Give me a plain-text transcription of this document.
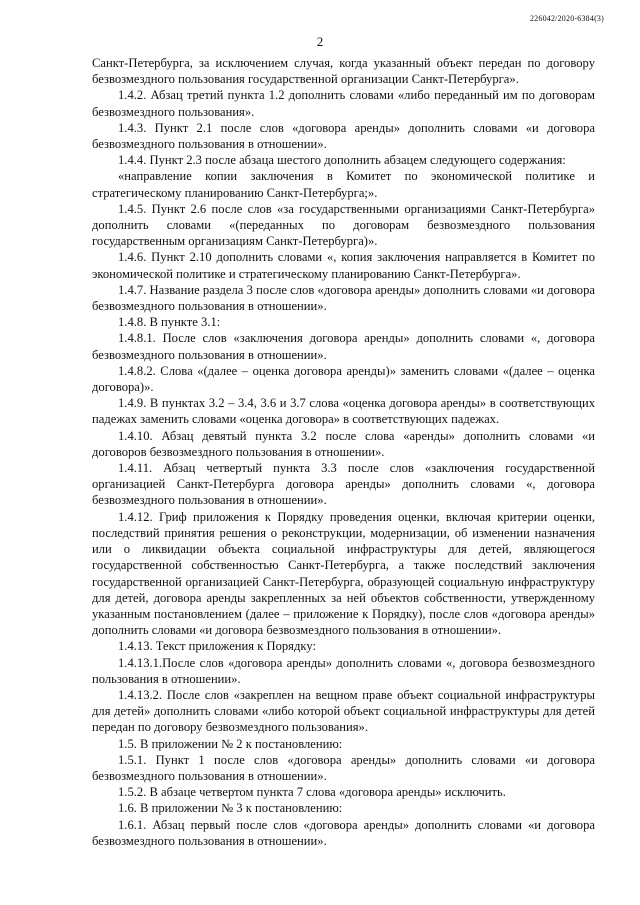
226042/2020-6384(3)
2

Санкт-Петербурга, за исключением случая, когда указанный объект передан по договору безвозмездного пользования государственной организации Санкт-Петербурга».

1.4.2. Абзац третий пункта 1.2 дополнить словами «либо переданный им по договорам безвозмездного пользования».

1.4.3. Пункт 2.1 после слов «договора аренды» дополнить словами «и договора безвозмездного пользования в отношении».

1.4.4. Пункт 2.3 после абзаца шестого дополнить абзацем следующего содержания:

«направление копии заключения в Комитет по экономической политике и стратегическому планированию Санкт-Петербурга;».

1.4.5. Пункт 2.6 после слов «за государственными организациями Санкт-Петербурга» дополнить словами «(переданных по договорам безвозмездного пользования государственным организациям Санкт-Петербурга)».

1.4.6. Пункт 2.10 дополнить словами «, копия заключения направляется в Комитет по экономической политике и стратегическому планированию Санкт-Петербурга».

1.4.7. Название раздела 3 после слов «договора аренды» дополнить словами «и договора безвозмездного пользования в отношении».

1.4.8. В пункте 3.1:

1.4.8.1. После слов «заключения договора аренды» дополнить словами «, договора безвозмездного пользования в отношении».

1.4.8.2. Слова «(далее – оценка договора аренды)» заменить словами «(далее – оценка договора)».

1.4.9. В пунктах 3.2 – 3.4, 3.6 и 3.7 слова «оценка договора аренды» в соответствующих падежах заменить словами «оценка договора» в соответствующих падежах.

1.4.10. Абзац девятый пункта 3.2 после слова «аренды» дополнить словами «и договоров безвозмездного пользования в отношении».

1.4.11. Абзац четвертый пункта 3.3 после слов «заключения государственной организацией Санкт-Петербурга договора аренды» дополнить словами «, договора безвозмездного пользования в отношении».

1.4.12. Гриф приложения к Порядку проведения оценки, включая критерии оценки, последствий принятия решения о реконструкции, модернизации, об изменении назначения или о ликвидации объекта социальной инфраструктуры для детей, являющегося государственной собственностью Санкт-Петербурга, а также последствий заключения государственной организацией Санкт-Петербурга, образующей социальную инфраструктуру для детей, договора аренды закрепленных за ней объектов собственности, утвержденному указанным постановлением (далее – приложение к Порядку), после слов «договора аренды» дополнить словами «и договора безвозмездного пользования в отношении».

1.4.13. Текст приложения к Порядку:

1.4.13.1.После слов «договора аренды» дополнить словами «, договора безвозмездного пользования в отношении».

1.4.13.2. После слов «закреплен на вещном праве объект социальной инфраструктуры для детей» дополнить словами «либо которой объект социальной инфраструктуры для детей передан по договору безвозмездного пользования».

1.5. В приложении № 2 к постановлению:

1.5.1. Пункт 1 после слов «договора аренды» дополнить словами «и договора безвозмездного пользования в отношении».

1.5.2. В абзаце четвертом пункта 7 слова «договора аренды» исключить.

1.6. В приложении № 3 к постановлению:

1.6.1. Абзац первый после слов «договора аренды» дополнить словами «и договора безвозмездного пользования в отношении».
